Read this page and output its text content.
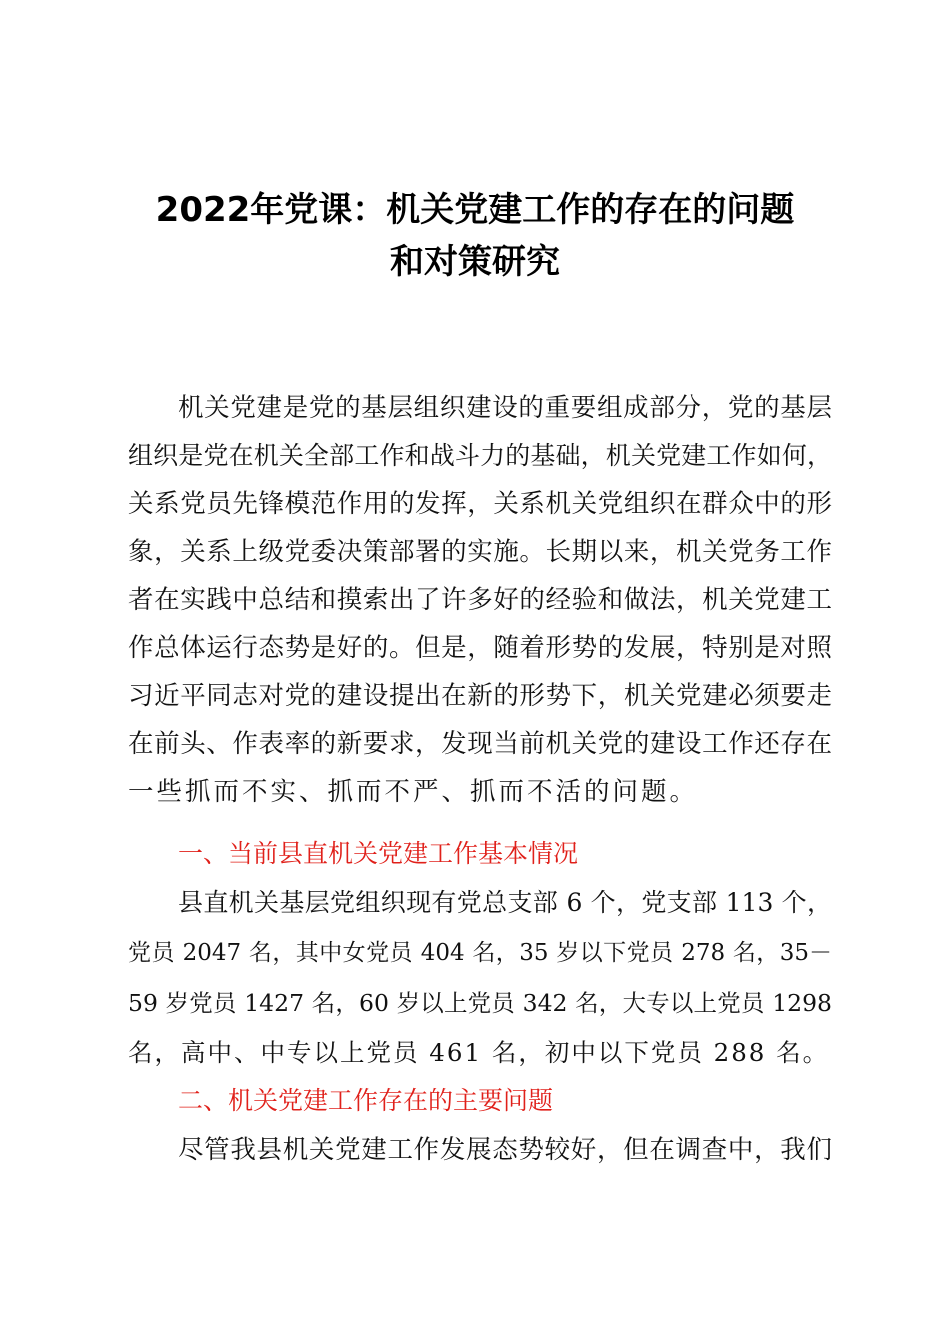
2022年党课：机关党建工作的存在的问题
和对策研究
机关党建是党的基层组织建设的重要组成部分，党的基层
组织是党在机关全部工作和战斗力的基础，机关党建工作如何，
关系党员先锋模范作用的发挥，关系机关党组织在群众中的形
象，关系上级党委决策部署的实施。长期以来，机关党务工作
者在实践中总结和摸索出了许多好的经验和做法，机关党建工
作总体运行态势是好的。但是，随着形势的发展，特别是对照
习近平同志对党的建设提出在新的形势下，机关党建必须要走
在前头、作表率的新要求，发现当前机关党的建设工作还存在
一些抓而不实、抓而不严、抓而不活的问题。
一、当前县直机关党建工作基本情况
县直机关基层党组织现有党总支部 6 个，党支部 113 个，
党员 2047 名，其中女党员 404 名，35 岁以下党员 278 名，35－
59 岁党员 1427 名，60 岁以上党员 342 名，大专以上党员 1298
名，高中、中专以上党员 461 名，初中以下党员 288 名。
二、机关党建工作存在的主要问题
尽管我县机关党建工作发展态势较好，但在调查中，我们
